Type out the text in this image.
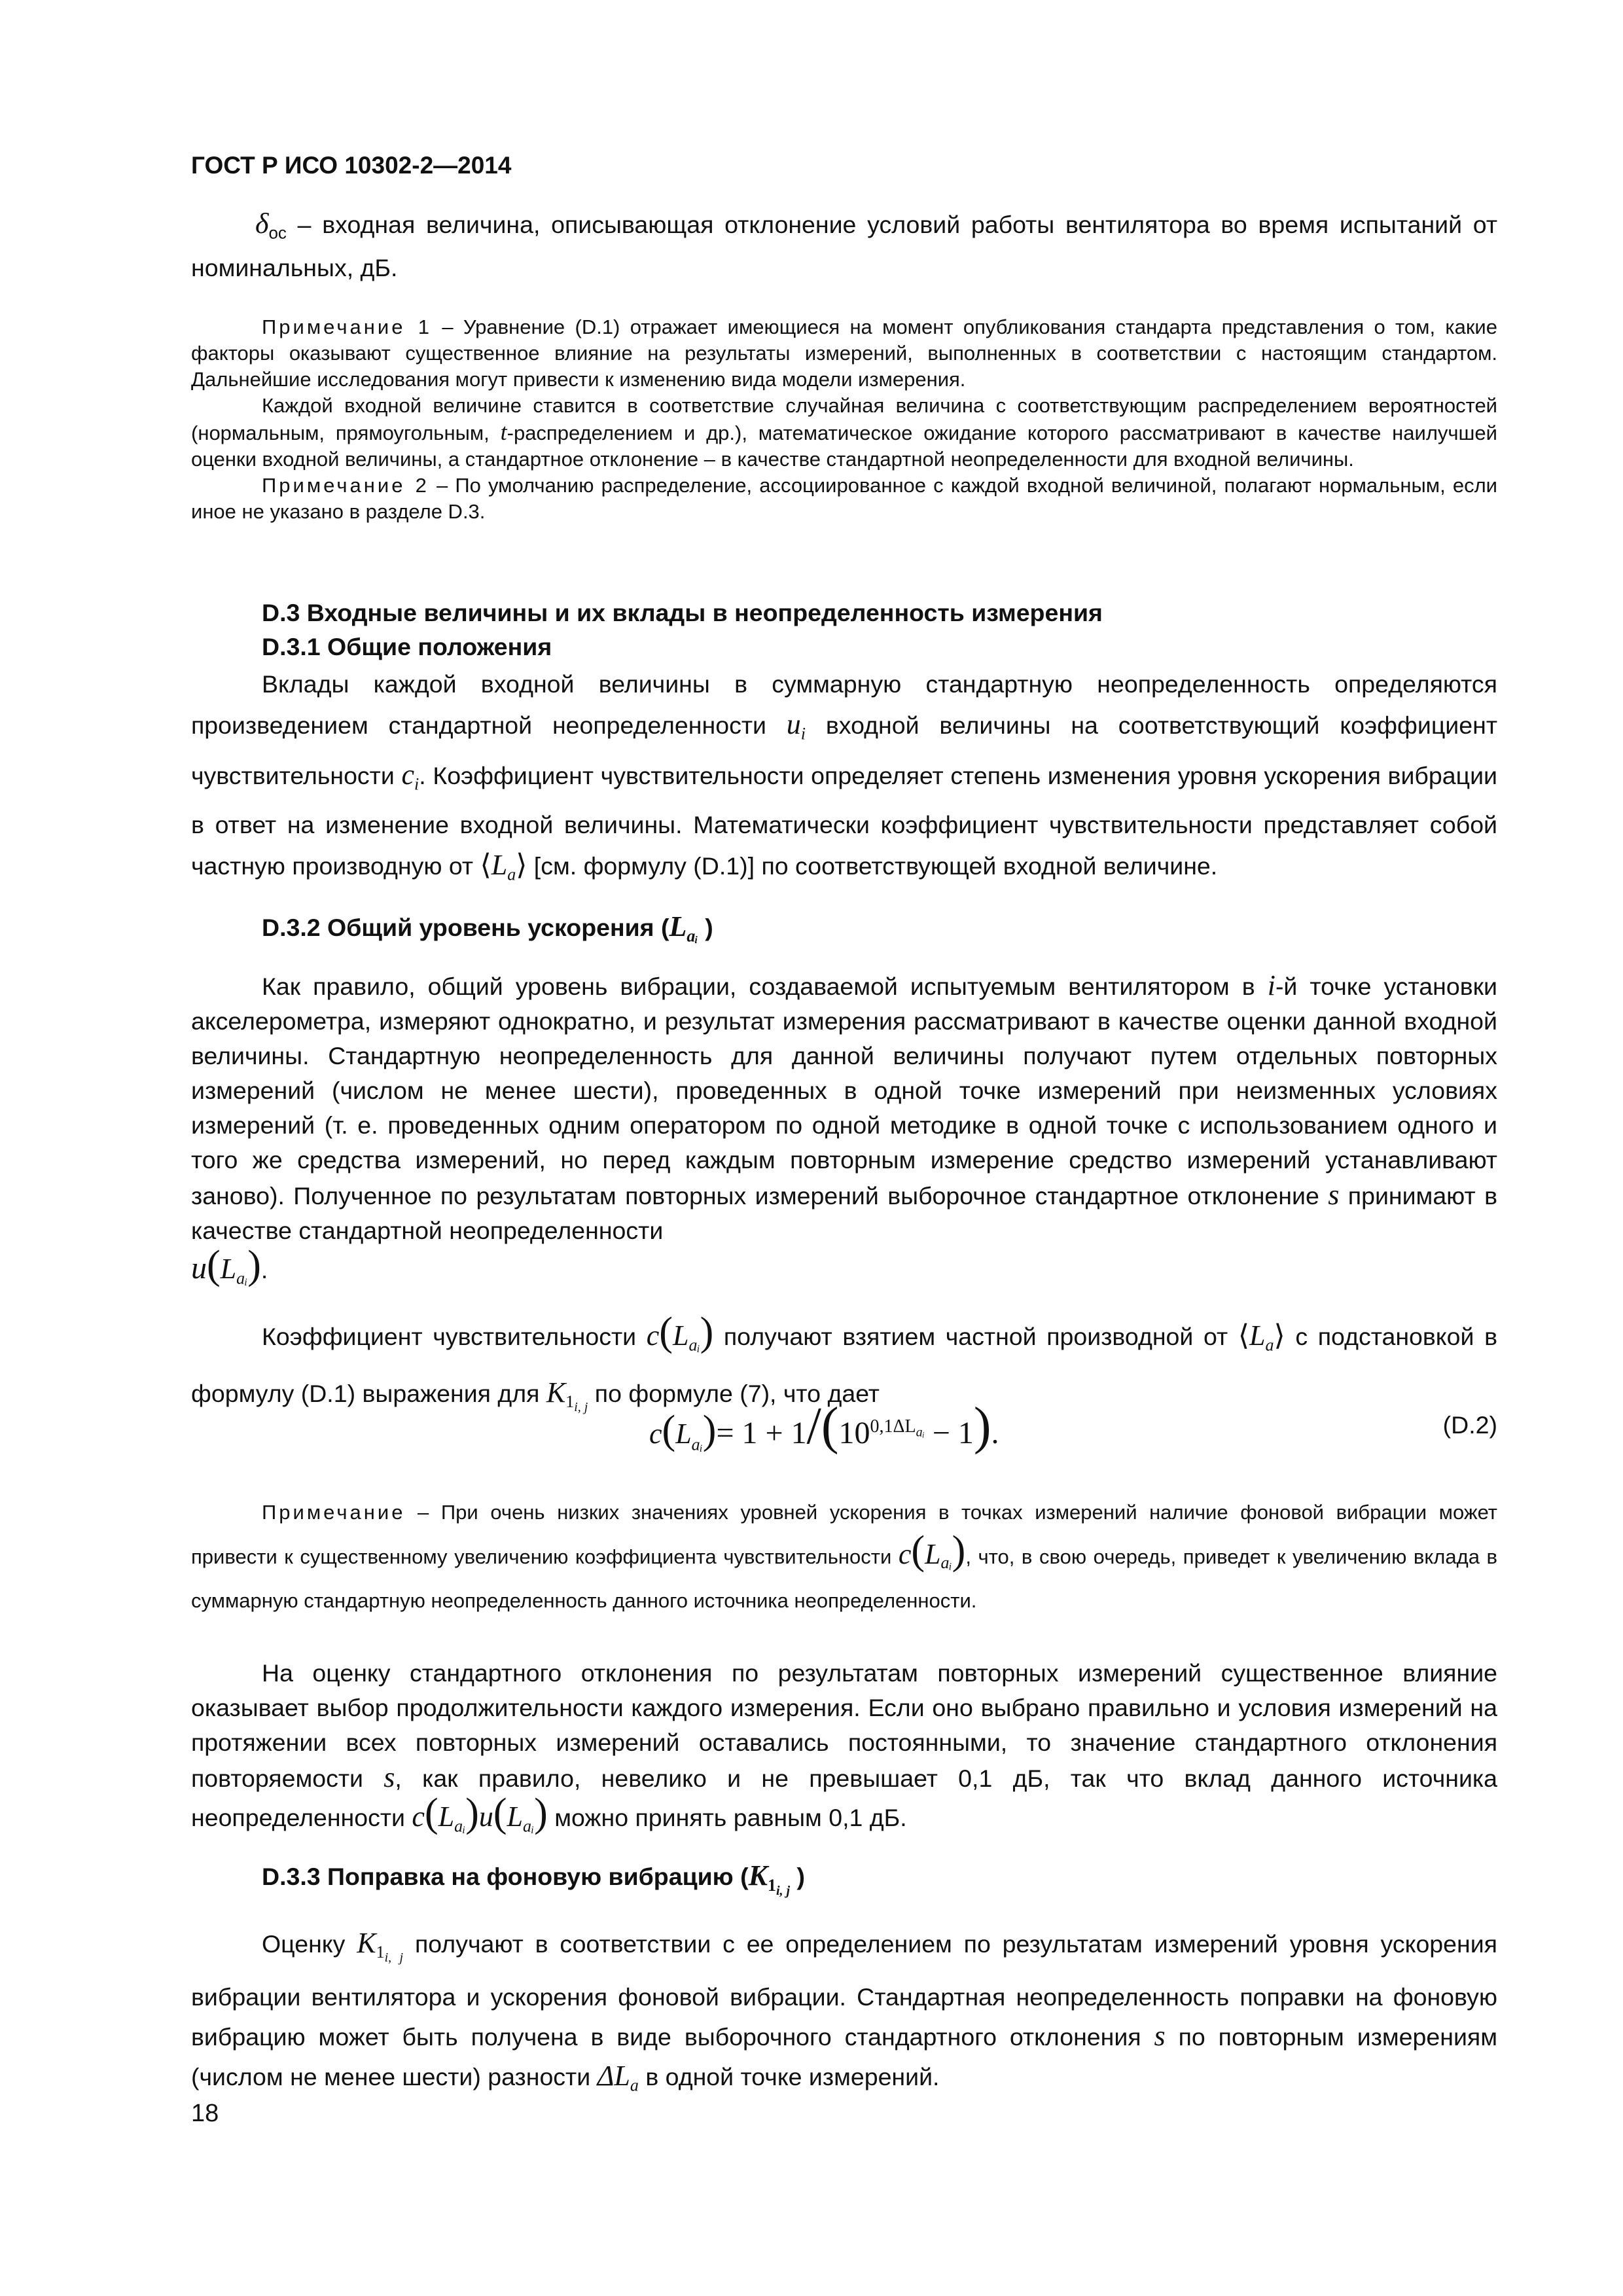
ГОСТ Р ИСО 10302-2—2014

$\delta_{ос}$ – входная величина, описывающая отклонение условий работы вентилятора во время испытаний от номинальных, дБ.

Примечание 1 – Уравнение (D.1) отражает имеющиеся на момент опубликования стандарта представления о том, какие факторы оказывают существенное влияние на результаты измерений, выполненных в соответствии с настоящим стандартом. Дальнейшие исследования могут привести к изменению вида модели измерения.

Каждой входной величине ставится в соответствие случайная величина с соответствующим распределением вероятностей (нормальным, прямоугольным, t-распределением и др.), математическое ожидание которого рассматривают в качестве наилучшей оценки входной величины, а стандартное отклонение – в качестве стандартной неопределенности для входной величины.

Примечание 2 – По умолчанию распределение, ассоциированное с каждой входной величиной, полагают нормальным, если иное не указано в разделе D.3.

D.3 Входные величины и их вклады в неопределенность измерения

D.3.1 Общие положения

Вклады каждой входной величины в суммарную стандартную неопределенность определяются произведением стандартной неопределенности $u_i$ входной величины на соответствующий коэффициент чувствительности $c_i$. Коэффициент чувствительности определяет степень изменения уровня ускорения вибрации в ответ на изменение входной величины. Математически коэффициент чувствительности представляет собой частную производную от $⟨L_a⟩$ [см. формулу (D.1)] по соответствующей входной величине.

D.3.2 Общий уровень ускорения ($L_{aᵢ}$ )

Как правило, общий уровень вибрации, создаваемой испытуемым вентилятором в i-й точке установки акселерометра, измеряют однократно, и результат измерения рассматривают в качестве оценки данной входной величины. Стандартную неопределенность для данной величины получают путем отдельных повторных измерений (числом не менее шести), проведенных в одной точке измерений при неизменных условиях измерений (т. е. проведенных одним оператором по одной методике в одной точке с использованием одного и того же средства измерений, но перед каждым повторным измерение средство измерений устанавливают заново). Полученное по результатам повторных измерений выборочное стандартное отклонение s принимают в качестве стандартной неопределенности
$u(L_{aᵢ})$.

Коэффициент чувствительности $c(L_{aᵢ})$ получают взятием частной производной от $⟨L_a⟩$ с подстановкой в формулу (D.1) выражения для $K_{1_{i, j}}$ по формуле (7), что дает

$c(L_{aᵢ})= 1 + 1/(10^{0,1\Delta L_{aᵢ}} - 1)$.	(D.2)

Примечание – При очень низких значениях уровней ускорения в точках измерений наличие фоновой вибрации может привести к существенному увеличению коэффициента чувствительности $c(L_{aᵢ})$, что, в свою очередь, приведет к увеличению вклада в суммарную стандартную неопределенность данного источника неопределенности.

На оценку стандартного отклонения по результатам повторных измерений существенное влияние оказывает выбор продолжительности каждого измерения. Если оно выбрано правильно и условия измерений на протяжении всех повторных измерений оставались постоянными, то значение стандартного отклонения повторяемости s, как правило, невелико и не превышает 0,1 дБ, так что вклад данного источника неопределенности $c(L_{aᵢ})u(L_{aᵢ})$ можно принять равным 0,1 дБ.

D.3.3 Поправка на фоновую вибрацию ($K_{1_{i, j}}$ )

Оценку $K_{1_{i, j}}$ получают в соответствии с ее определением по результатам измерений уровня ускорения вибрации вентилятора и ускорения фоновой вибрации. Стандартная неопределенность поправки на фоновую вибрацию может быть получена в виде выборочного стандартного отклонения s по повторным измерениям (числом не менее шести) разности $\Delta L_a$ в одной точке измерений.

18
